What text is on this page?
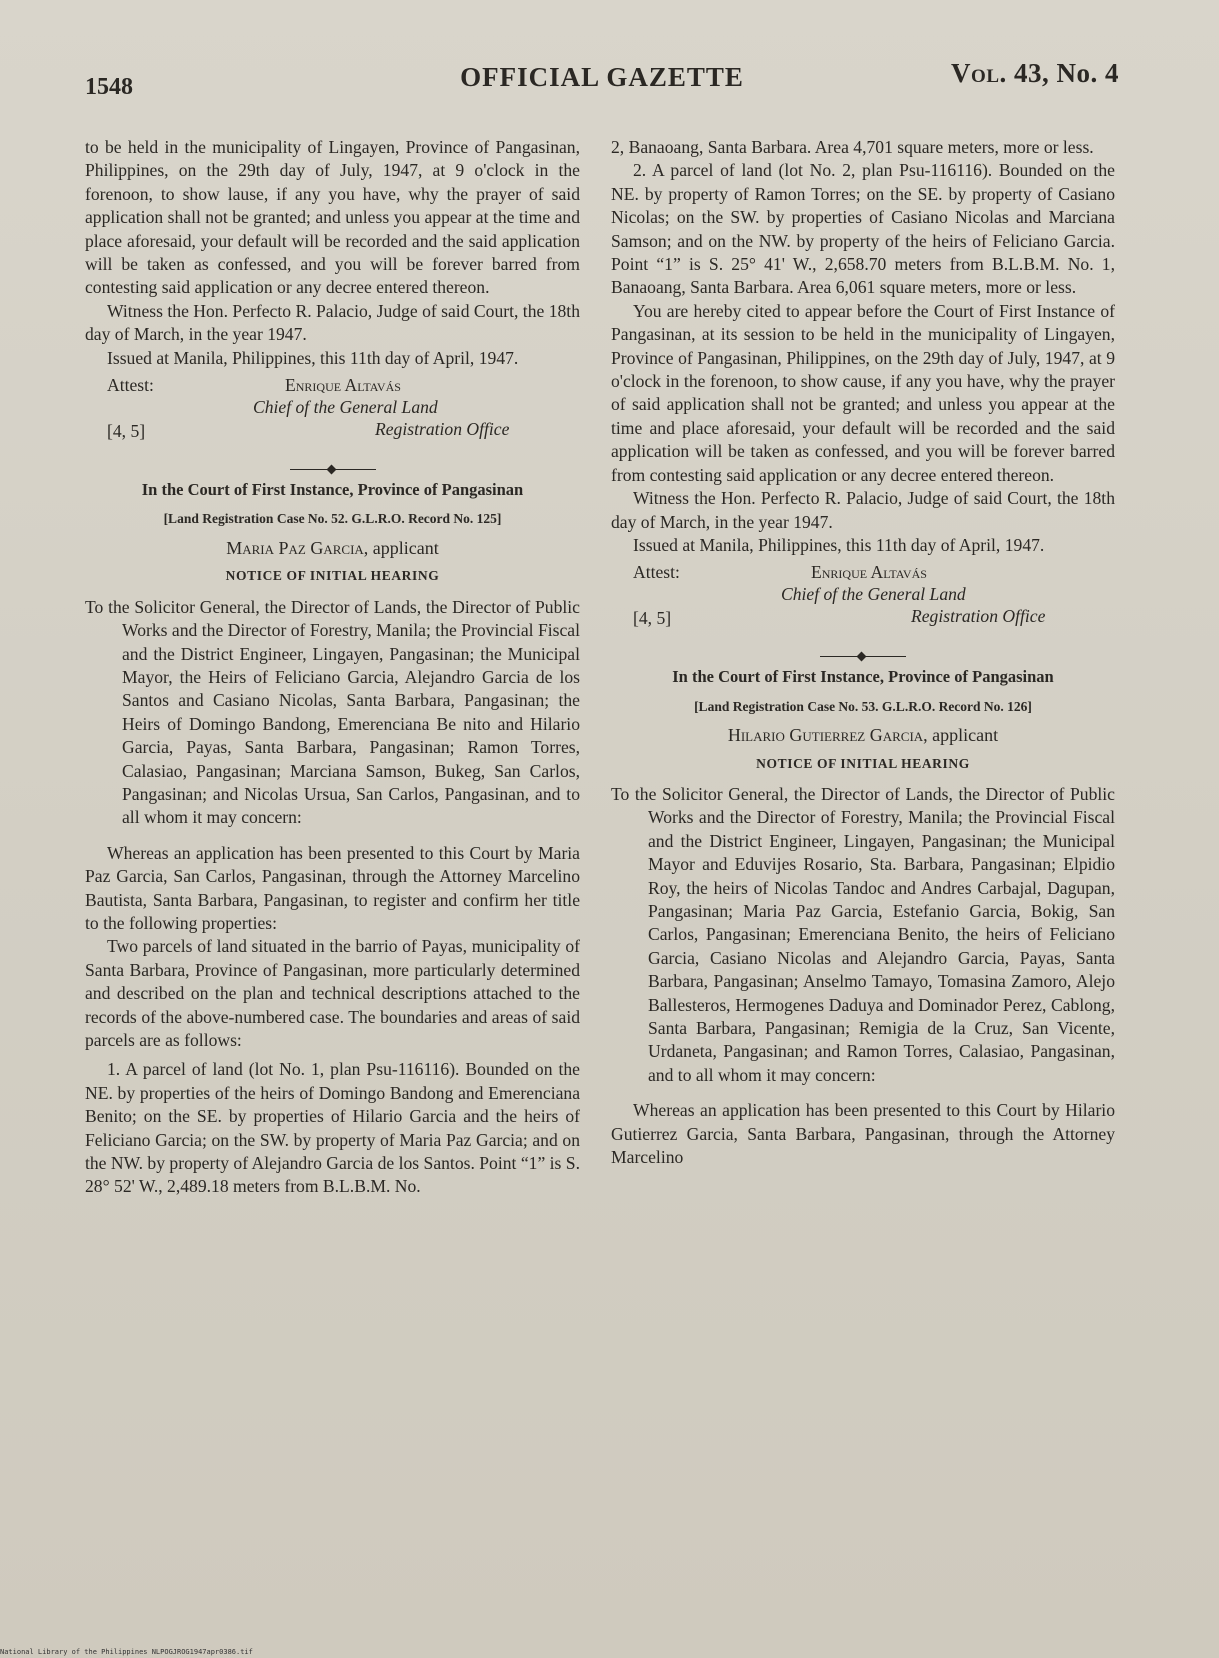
1548	OFFICIAL GAZETTE	Vol. 43, No. 4

to be held in the municipality of Lingayen, Province of Pangasinan, Philippines, on the 29th day of July, 1947, at 9 o'clock in the forenoon, to show lause, if any you have, why the prayer of said application shall not be granted; and unless you appear at the time and place aforesaid, your default will be recorded and the said application will be taken as confessed, and you will be forever barred from contesting said application or any decree entered thereon.

Witness the Hon. Perfecto R. Palacio, Judge of said Court, the 18th day of March, in the year 1947.

Issued at Manila, Philippines, this 11th day of April, 1947.

Attest:	Enrique Altavás
Chief of the General Land
[4, 5]	Registration Office
In the Court of First Instance, Province of Pangasinan
[Land Registration Case No. 52. G.L.R.O. Record No. 125]
Maria Paz Garcia, applicant
NOTICE OF INITIAL HEARING

To the Solicitor General, the Director of Lands, the Director of Public Works and the Director of Forestry, Manila; the Provincial Fiscal and the District Engineer, Lingayen, Pangasinan; the Municipal Mayor, the Heirs of Feliciano Garcia, Alejandro Garcia de los Santos and Casiano Nicolas, Santa Barbara, Pangasinan; the Heirs of Domingo Bandong, Emerenciana Be nito and Hilario Garcia, Payas, Santa Barbara, Pangasinan; Ramon Torres, Calasiao, Pangasinan; Marciana Samson, Bukeg, San Carlos, Pangasinan; and Nicolas Ursua, San Carlos, Pangasinan, and to all whom it may concern:

Whereas an application has been presented to this Court by Maria Paz Garcia, San Carlos, Pangasinan, through the Attorney Marcelino Bautista, Santa Barbara, Pangasinan, to register and confirm her title to the following properties:

Two parcels of land situated in the barrio of Payas, municipality of Santa Barbara, Province of Pangasinan, more particularly determined and described on the plan and technical descriptions attached to the records of the above-numbered case. The boundaries and areas of said parcels are as follows:

1. A parcel of land (lot No. 1, plan Psu-116116). Bounded on the NE. by properties of the heirs of Domingo Bandong and Emerenciana Benito; on the SE. by properties of Hilario Garcia and the heirs of Feliciano Garcia; on the SW. by property of Maria Paz Garcia; and on the NW. by property of Alejandro Garcia de los Santos. Point “1” is S. 28° 52' W., 2,489.18 meters from B.L.B.M. No.

2, Banaoang, Santa Barbara. Area 4,701 square meters, more or less.

2. A parcel of land (lot No. 2, plan Psu-116116). Bounded on the NE. by property of Ramon Torres; on the SE. by property of Casiano Nicolas; on the SW. by properties of Casiano Nicolas and Marciana Samson; and on the NW. by property of the heirs of Feliciano Garcia. Point “1” is S. 25° 41' W., 2,658.70 meters from B.L.B.M. No. 1, Banaoang, Santa Barbara. Area 6,061 square meters, more or less.

You are hereby cited to appear before the Court of First Instance of Pangasinan, at its session to be held in the municipality of Lingayen, Province of Pangasinan, Philippines, on the 29th day of July, 1947, at 9 o'clock in the forenoon, to show cause, if any you have, why the prayer of said application shall not be granted; and unless you appear at the time and place aforesaid, your default will be recorded and the said application will be taken as confessed, and you will be forever barred from contesting said application or any decree entered thereon.

Witness the Hon. Perfecto R. Palacio, Judge of said Court, the 18th day of March, in the year 1947.

Issued at Manila, Philippines, this 11th day of April, 1947.

Attest:	Enrique Altavás
Chief of the General Land
[4, 5]	Registration Office
In the Court of First Instance, Province of Pangasinan
[Land Registration Case No. 53. G.L.R.O. Record No. 126]
Hilario Gutierrez Garcia, applicant
NOTICE OF INITIAL HEARING

To the Solicitor General, the Director of Lands, the Director of Public Works and the Director of Forestry, Manila; the Provincial Fiscal and the District Engineer, Lingayen, Pangasinan; the Municipal Mayor and Eduvijes Rosario, Sta. Barbara, Pangasinan; Elpidio Roy, the heirs of Nicolas Tandoc and Andres Carbajal, Dagupan, Pangasinan; Maria Paz Garcia, Estefanio Garcia, Bokig, San Carlos, Pangasinan; Emerenciana Benito, the heirs of Feliciano Garcia, Casiano Nicolas and Alejandro Garcia, Payas, Santa Barbara, Pangasinan; Anselmo Tamayo, Tomasina Zamoro, Alejo Ballesteros, Hermogenes Daduya and Dominador Perez, Cablong, Santa Barbara, Pangasinan; Remigia de la Cruz, San Vicente, Urdaneta, Pangasinan; and Ramon Torres, Calasiao, Pangasinan, and to all whom it may concern:

Whereas an application has been presented to this Court by Hilario Gutierrez Garcia, Santa Barbara, Pangasinan, through the Attorney Marcelino

National Library of the Philippines NLPOGJROG1947apr0386.tif
